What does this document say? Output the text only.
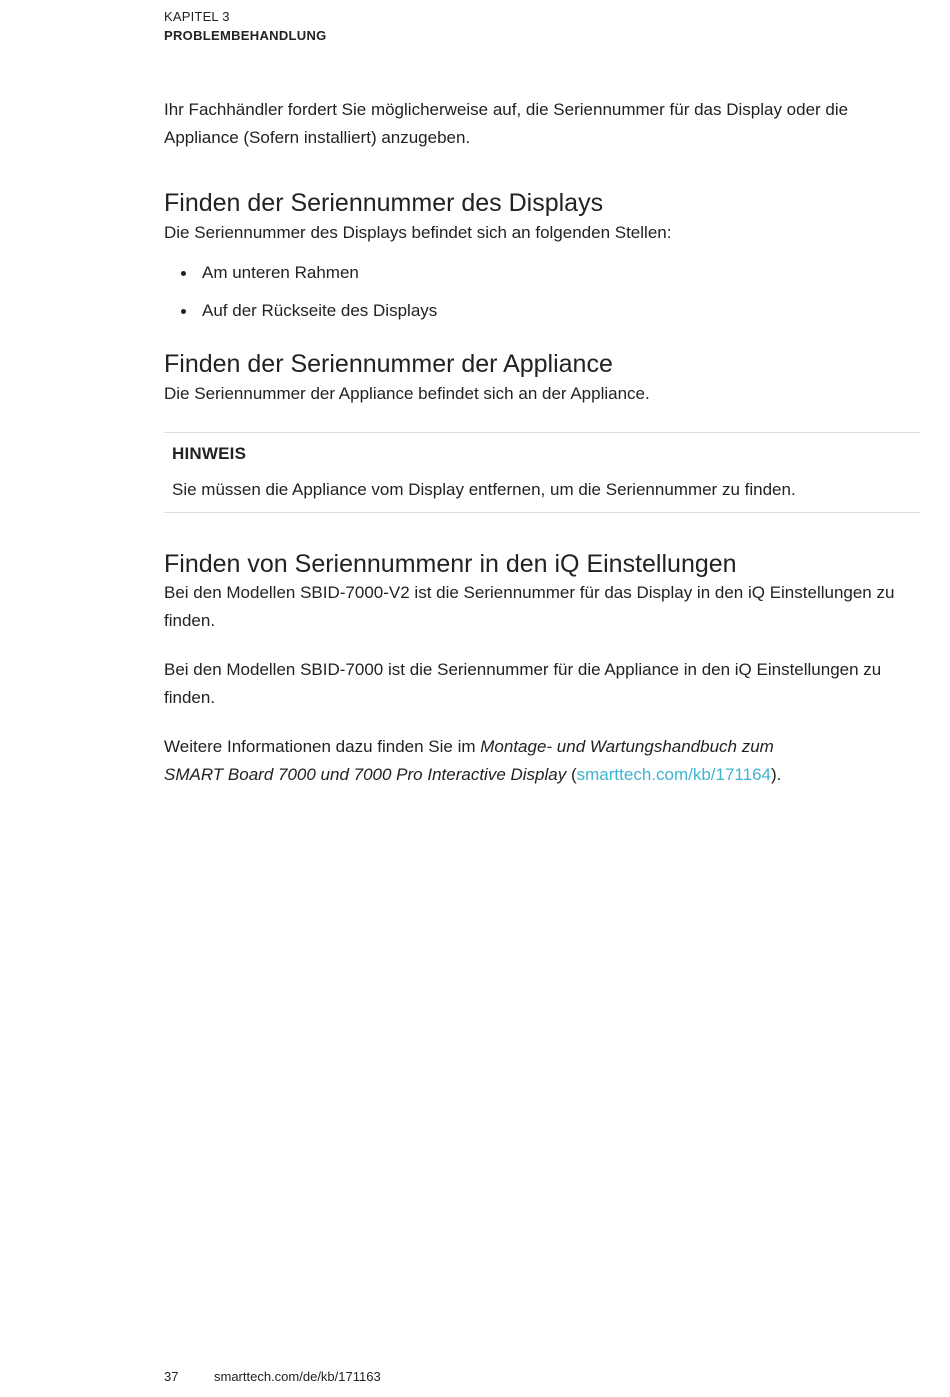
KAPITEL 3
PROBLEMBEHANDLUNG

Ihr Fachhändler fordert Sie möglicherweise auf, die Seriennummer für das Display oder die Appliance (Sofern installiert) anzugeben.

Finden der Seriennummer des Displays

Die Seriennummer des Displays befindet sich an folgenden Stellen:

Am unteren Rahmen
Auf der Rückseite des Displays
Finden der Seriennummer der Appliance

Die Seriennummer der Appliance befindet sich an der Appliance.

HINWEIS
Sie müssen die Appliance vom Display entfernen, um die Seriennummer zu finden.
Finden von Seriennummenr in den iQ Einstellungen

Bei den Modellen SBID-7000-V2 ist die Seriennummer für das Display in den iQ Einstellungen zu finden.

Bei den Modellen SBID-7000 ist die Seriennummer für die Appliance in den iQ Einstellungen zu finden.

Weitere Informationen dazu finden Sie im Montage- und Wartungshandbuch zum
SMART Board 7000 und 7000 Pro Interactive Display (smarttech.com/kb/171164).

37	smarttech.com/de/kb/171163
